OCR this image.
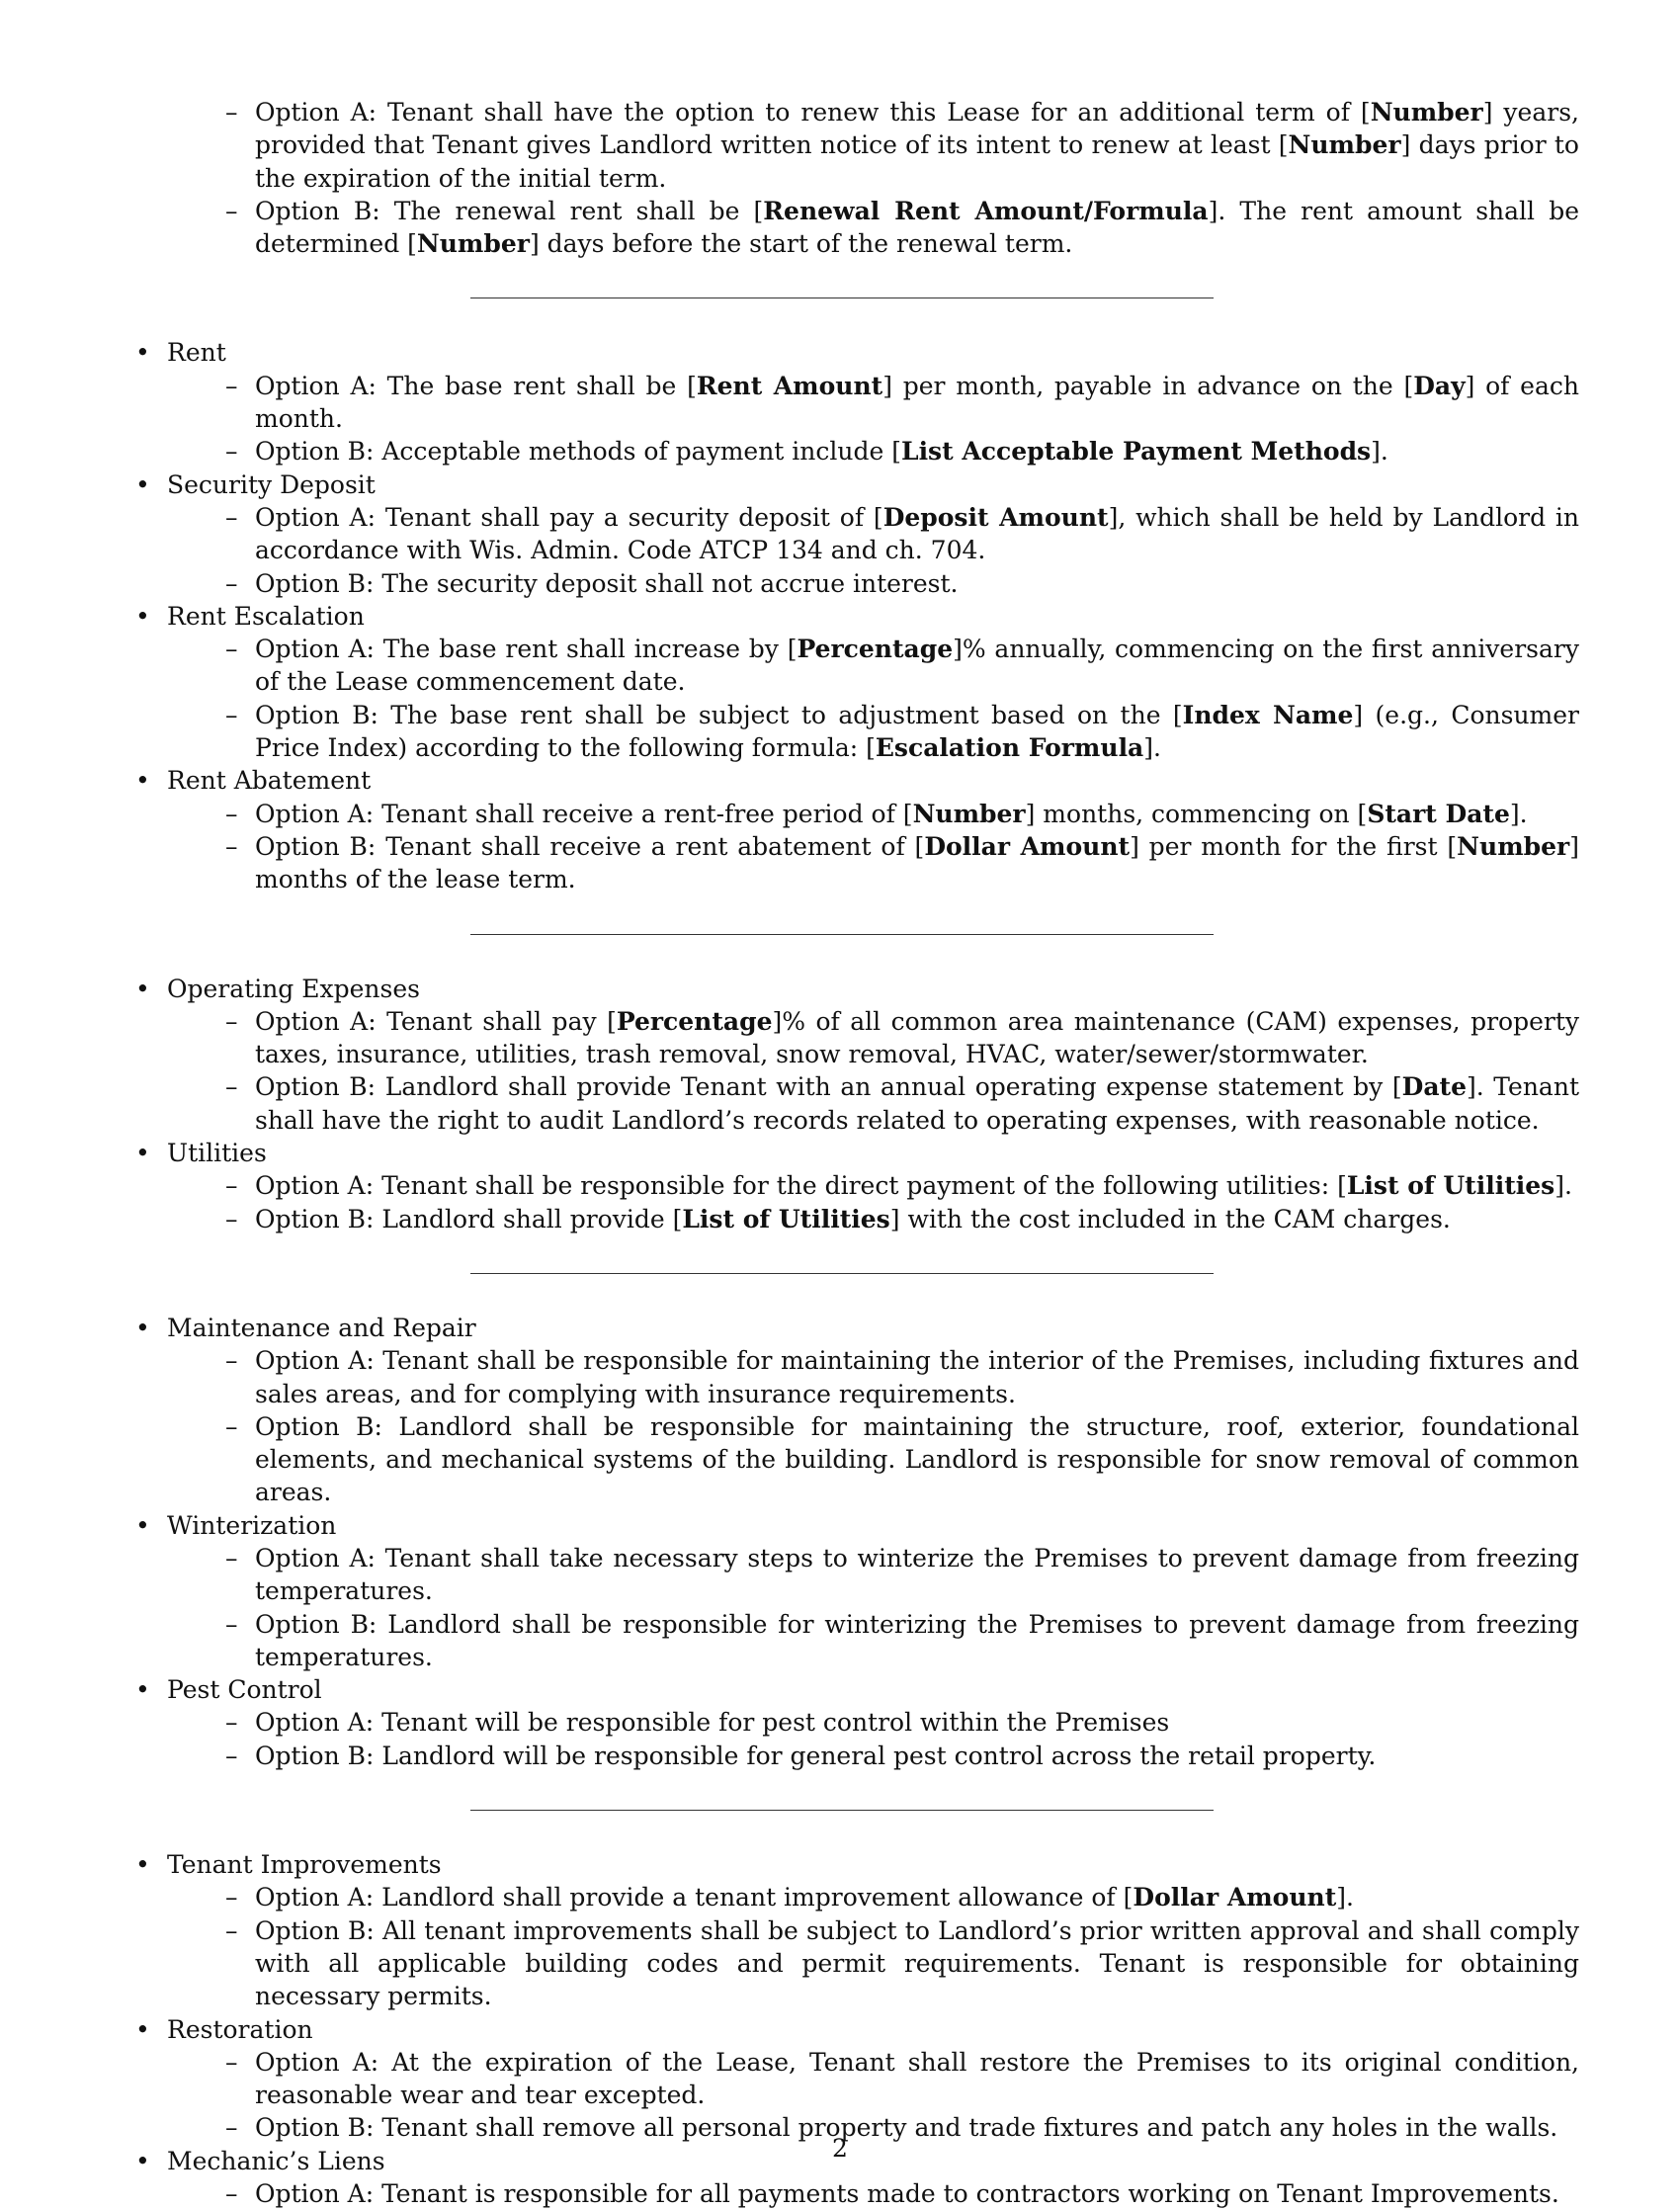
– Option A: Tenant shall have the option to renew this Lease for an additional term of [Number] years, provided that Tenant gives Landlord written notice of its intent to renew at least [Number] days prior to the expiration of the initial term.
– Option B: The renewal rent shall be [Renewal Rent Amount/Formula]. The rent amount shall be determined [Number] days before the start of the renewal term.
• Rent
– Option A: The base rent shall be [Rent Amount] per month, payable in advance on the [Day] of each month.
– Option B: Acceptable methods of payment include [List Acceptable Payment Methods].
• Security Deposit
– Option A: Tenant shall pay a security deposit of [Deposit Amount], which shall be held by Landlord in accordance with Wis. Admin. Code ATCP 134 and ch. 704.
– Option B: The security deposit shall not accrue interest.
• Rent Escalation
– Option A: The base rent shall increase by [Percentage]% annually, commencing on the first anniversary of the Lease commencement date.
– Option B: The base rent shall be subject to adjustment based on the [Index Name] (e.g., Consumer Price Index) according to the following formula: [Escalation Formula].
• Rent Abatement
– Option A: Tenant shall receive a rent-free period of [Number] months, commencing on [Start Date].
– Option B: Tenant shall receive a rent abatement of [Dollar Amount] per month for the first [Number] months of the lease term.
• Operating Expenses
– Option A: Tenant shall pay [Percentage]% of all common area maintenance (CAM) expenses, property taxes, insurance, utilities, trash removal, snow removal, HVAC, water/sewer/stormwater.
– Option B: Landlord shall provide Tenant with an annual operating expense statement by [Date]. Tenant shall have the right to audit Landlord’s records related to operating expenses, with reasonable notice.
• Utilities
– Option A: Tenant shall be responsible for the direct payment of the following utilities: [List of Utilities].
– Option B: Landlord shall provide [List of Utilities] with the cost included in the CAM charges.
• Maintenance and Repair
– Option A: Tenant shall be responsible for maintaining the interior of the Premises, including fixtures and sales areas, and for complying with insurance requirements.
– Option B: Landlord shall be responsible for maintaining the structure, roof, exterior, foundational elements, and mechanical systems of the building. Landlord is responsible for snow removal of common areas.
• Winterization
– Option A: Tenant shall take necessary steps to winterize the Premises to prevent damage from freezing temperatures.
– Option B: Landlord shall be responsible for winterizing the Premises to prevent damage from freezing temperatures.
• Pest Control
– Option A: Tenant will be responsible for pest control within the Premises
– Option B: Landlord will be responsible for general pest control across the retail property.
• Tenant Improvements
– Option A: Landlord shall provide a tenant improvement allowance of [Dollar Amount].
– Option B: All tenant improvements shall be subject to Landlord’s prior written approval and shall comply with all applicable building codes and permit requirements. Tenant is responsible for obtaining necessary permits.
• Restoration
– Option A: At the expiration of the Lease, Tenant shall restore the Premises to its original condition, reasonable wear and tear excepted.
– Option B: Tenant shall remove all personal property and trade fixtures and patch any holes in the walls.
• Mechanic’s Liens
– Option A: Tenant is responsible for all payments made to contractors working on Tenant Improvements.
2
